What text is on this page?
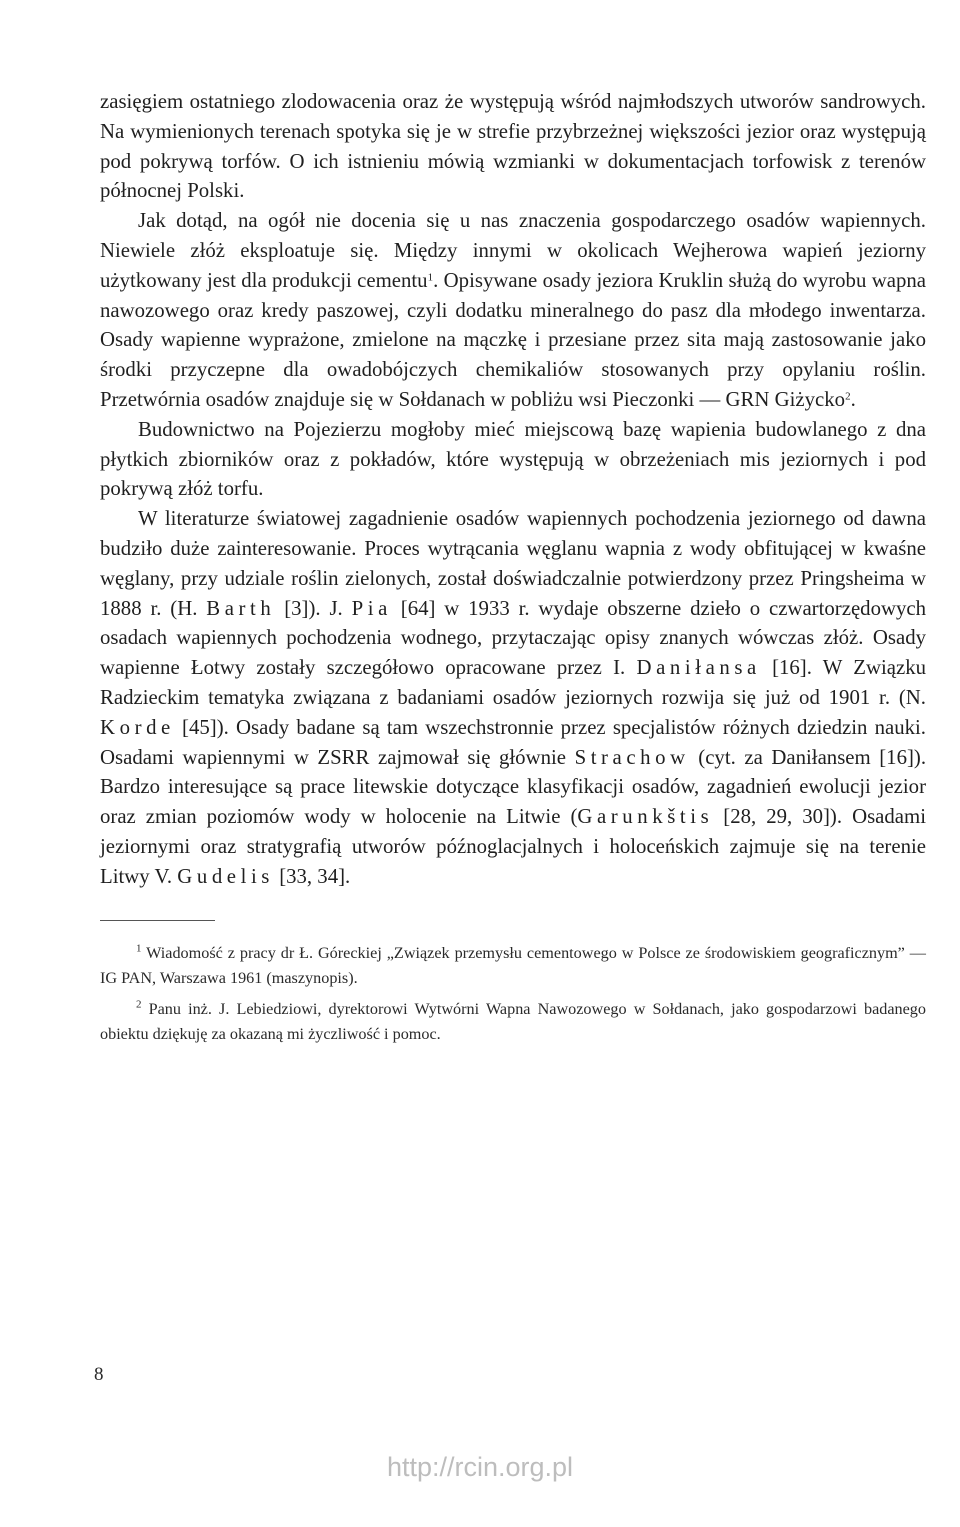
zasięgiem ostatniego zlodowacenia oraz że występują wśród najmłodszych utworów sandrowych. Na wymienionych terenach spotyka się je w strefie przybrzeżnej większości jezior oraz występują pod pokrywą torfów. O ich istnieniu mówią wzmianki w dokumentacjach torfowisk z terenów północnej Polski.

Jak dotąd, na ogół nie docenia się u nas znaczenia gospodarczego osadów wapiennych. Niewiele złóż eksploatuje się. Między innymi w okolicach Wejherowa wapień jeziorny użytkowany jest dla produkcji cementu$^1$. Opisywane osady jeziora Kruklin służą do wyrobu wapna nawozowego oraz kredy paszowej, czyli dodatku mineralnego do pasz dla młodego inwentarza. Osady wapienne wyprażone, zmielone na mączkę i przesiane przez sita mają zastosowanie jako środki przyczepne dla owadobójczych chemikaliów stosowanych przy opylaniu roślin. Przetwórnia osadów znajduje się w Sołdanach w pobliżu wsi Pieczonki — GRN Giżycko$^2$.

Budownictwo na Pojezierzu mogłoby mieć miejscową bazę wapienia budowlanego z dna płytkich zbiorników oraz z pokładów, które występują w obrzeżeniach mis jeziornych i pod pokrywą złóż torfu.

W literaturze światowej zagadnienie osadów wapiennych pochodzenia jeziornego od dawna budziło duże zainteresowanie. Proces wytrącania węglanu wapnia z wody obfitującej w kwaśne węglany, przy udziale roślin zielonych, został doświadczalnie potwierdzony przez Pringsheima w 1888 r. (H. Barth [3]). J. Pia [64] w 1933 r. wydaje obszerne dzieło o czwartorzędowych osadach wapiennych pochodzenia wodnego, przytaczając opisy znanych wówczas złóż. Osady wapienne Łotwy zostały szczegółowo opracowane przez I. Daniłansa [16]. W Związku Radzieckim tematyka związana z badaniami osadów jeziornych rozwija się już od 1901 r. (N. Korde [45]). Osady badane są tam wszechstronnie przez specjalistów różnych dziedzin nauki. Osadami wapiennymi w ZSRR zajmował się głównie Strachow (cyt. za Daniłansem [16]). Bardzo interesujące są prace litewskie dotyczące klasyfikacji osadów, zagadnień ewolucji jezior oraz zmian poziomów wody w holocenie na Litwie (Garunkštis [28, 29, 30]). Osadami jeziornymi oraz stratygrafią utworów późnoglacjalnych i holoceńskich zajmuje się na terenie Litwy V. Gudelis [33, 34].

$^1$ Wiadomość z pracy dr Ł. Góreckiej „Związek przemysłu cementowego w Polsce ze środowiskiem geograficznym” — IG PAN, Warszawa 1961 (maszynopis).

$^2$ Panu inż. J. Lebiedziowi, dyrektorowi Wytwórni Wapna Nawozowego w Sołdanach, jako gospodarzowi badanego obiektu dziękuję za okazaną mi życzliwość i pomoc.

8
http://rcin.org.pl
